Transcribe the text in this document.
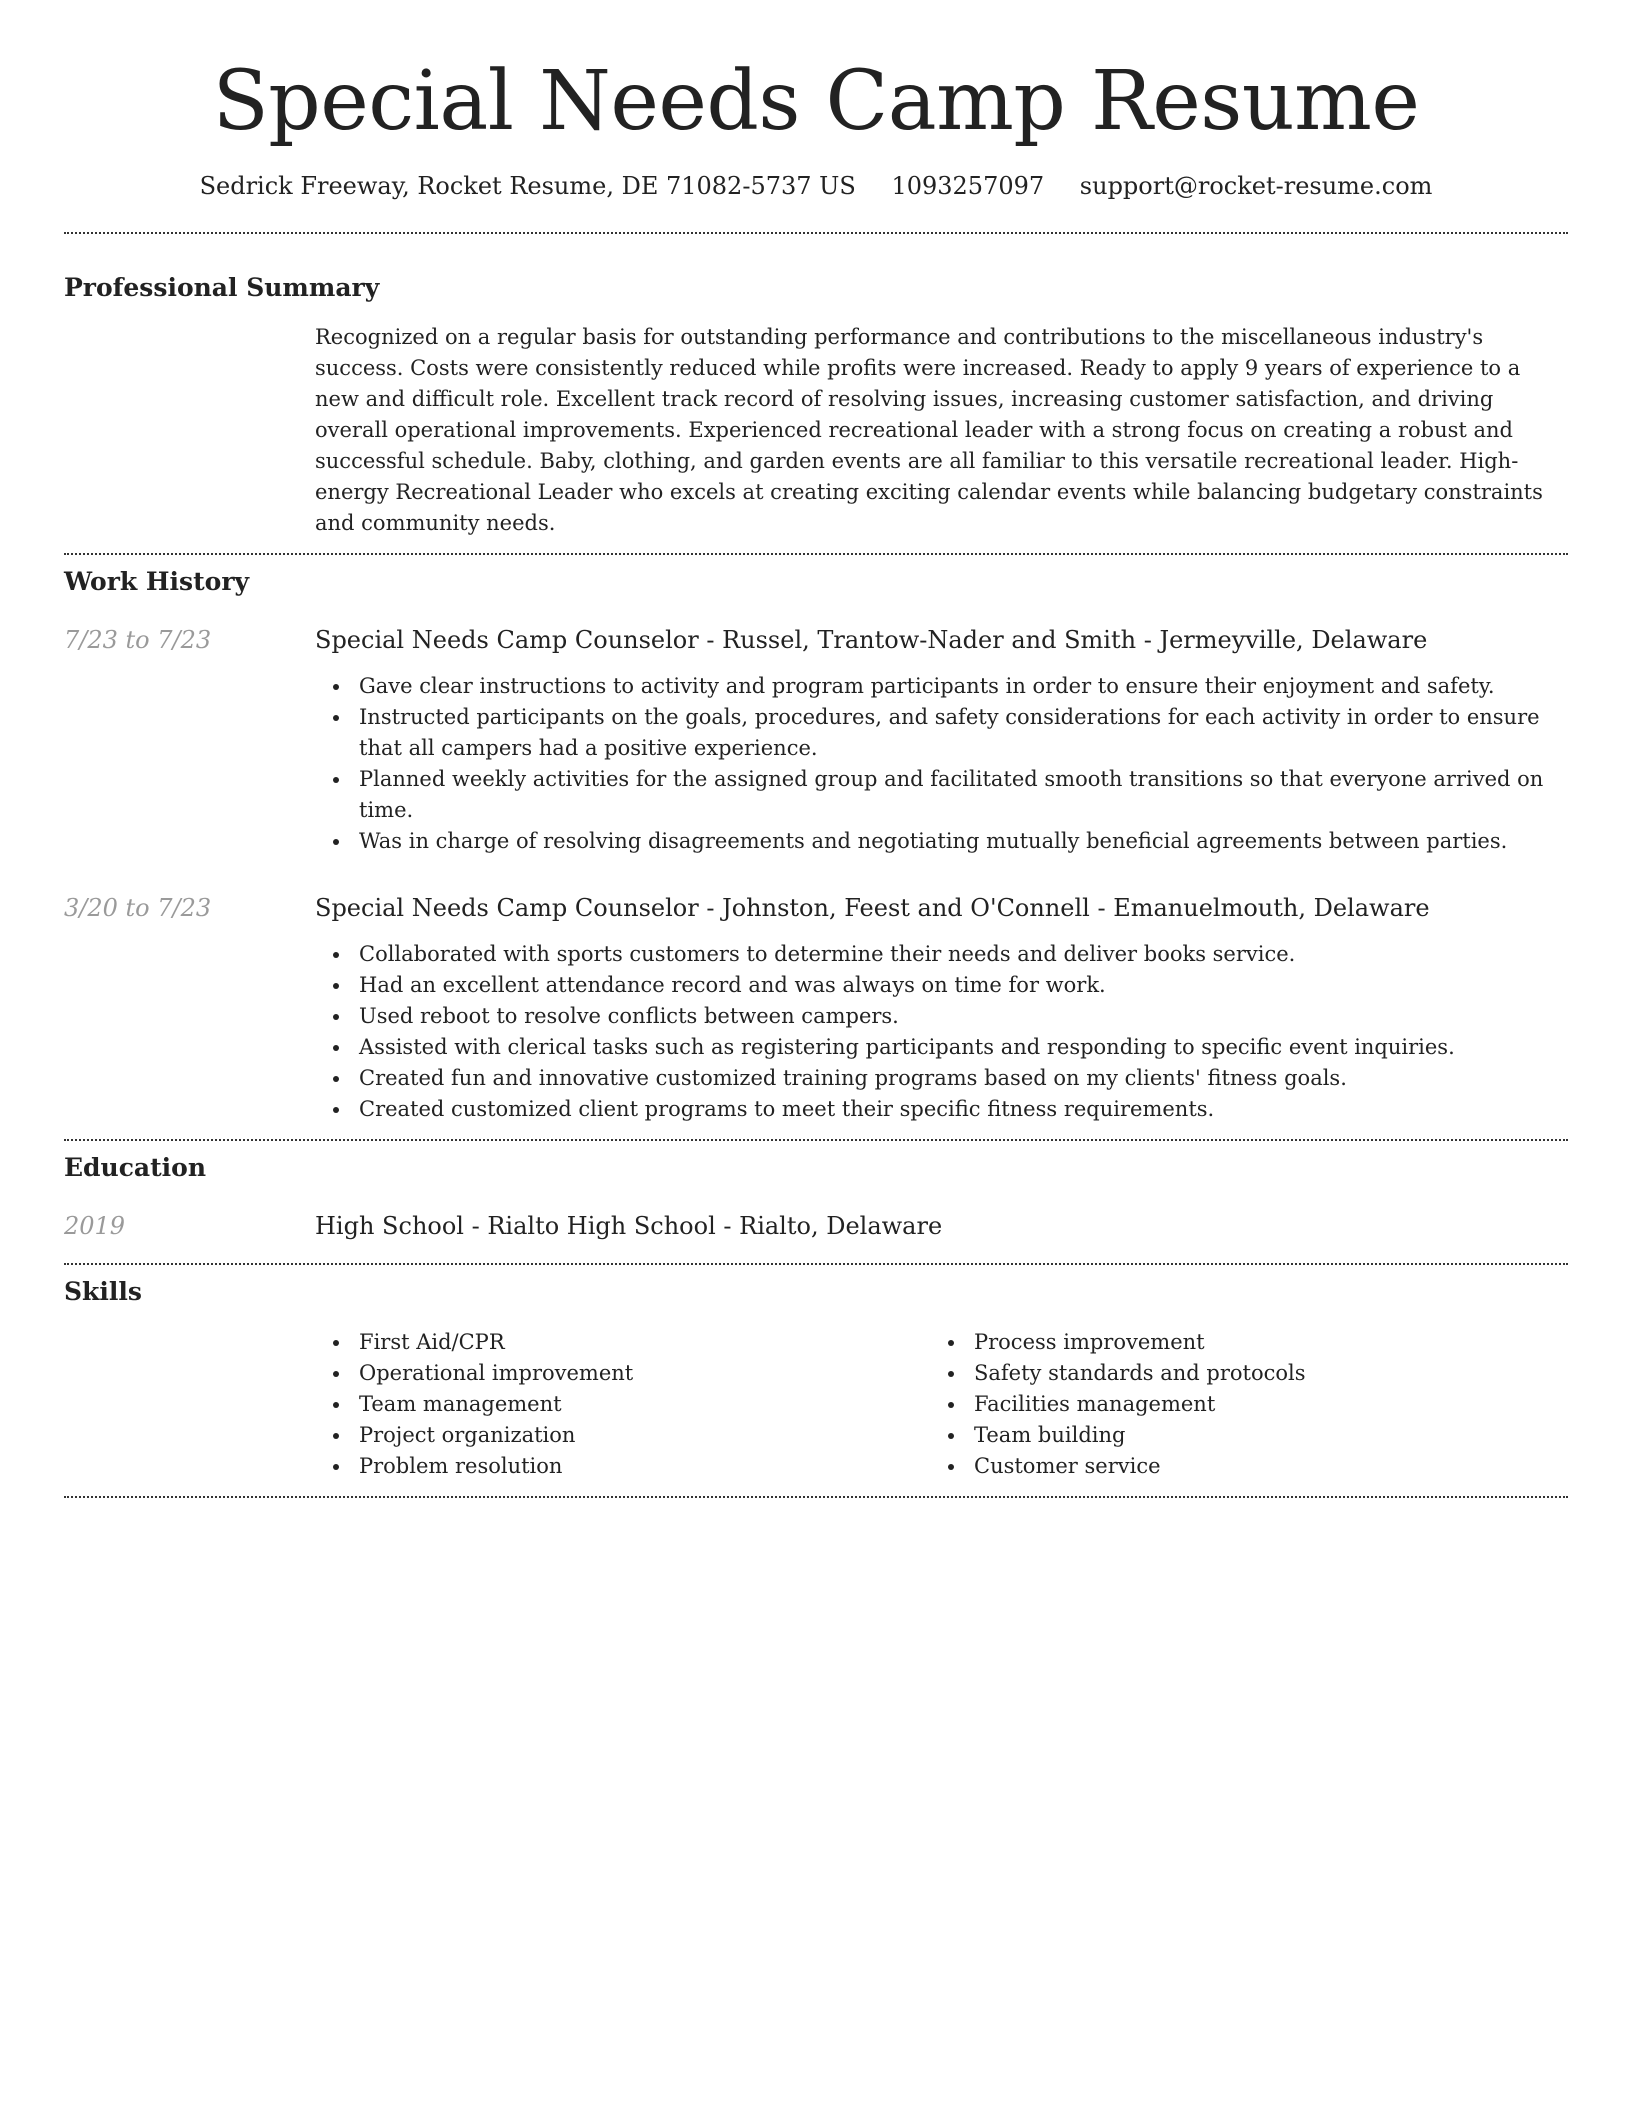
Special Needs Camp Resume
Sedrick Freeway, Rocket Resume, DE 71082-5737 US 1093257097 support@rocket-resume.com
Professional Summary

Recognized on a regular basis for outstanding performance and contributions to the miscellaneous industry's success. Costs were consistently reduced while profits were increased. Ready to apply 9 years of experience to a new and difficult role. Excellent track record of resolving issues, increasing customer satisfaction, and driving overall operational improvements. Experienced recreational leader with a strong focus on creating a robust and successful schedule. Baby, clothing, and garden events are all familiar to this versatile recreational leader. High-energy Recreational Leader who excels at creating exciting calendar events while balancing budgetary constraints and community needs.

Work History
7/23 to 7/23	Special Needs Camp Counselor - Russel, Trantow-Nader and Smith - Jermeyville, Delaware
Gave clear instructions to activity and program participants in order to ensure their enjoyment and safety.
Instructed participants on the goals, procedures, and safety considerations for each activity in order to ensure that all campers had a positive experience.
Planned weekly activities for the assigned group and facilitated smooth transitions so that everyone arrived on time.
Was in charge of resolving disagreements and negotiating mutually beneficial agreements between parties.
3/20 to 7/23	Special Needs Camp Counselor - Johnston, Feest and O'Connell - Emanuelmouth, Delaware
Collaborated with sports customers to determine their needs and deliver books service.
Had an excellent attendance record and was always on time for work.
Used reboot to resolve conflicts between campers.
Assisted with clerical tasks such as registering participants and responding to specific event inquiries.
Created fun and innovative customized training programs based on my clients' fitness goals.
Created customized client programs to meet their specific fitness requirements.
Education
2019	High School - Rialto High School - Rialto, Delaware
Skills
First Aid/CPR
Operational improvement
Team management
Project organization
Problem resolution
Process improvement
Safety standards and protocols
Facilities management
Team building
Customer service
